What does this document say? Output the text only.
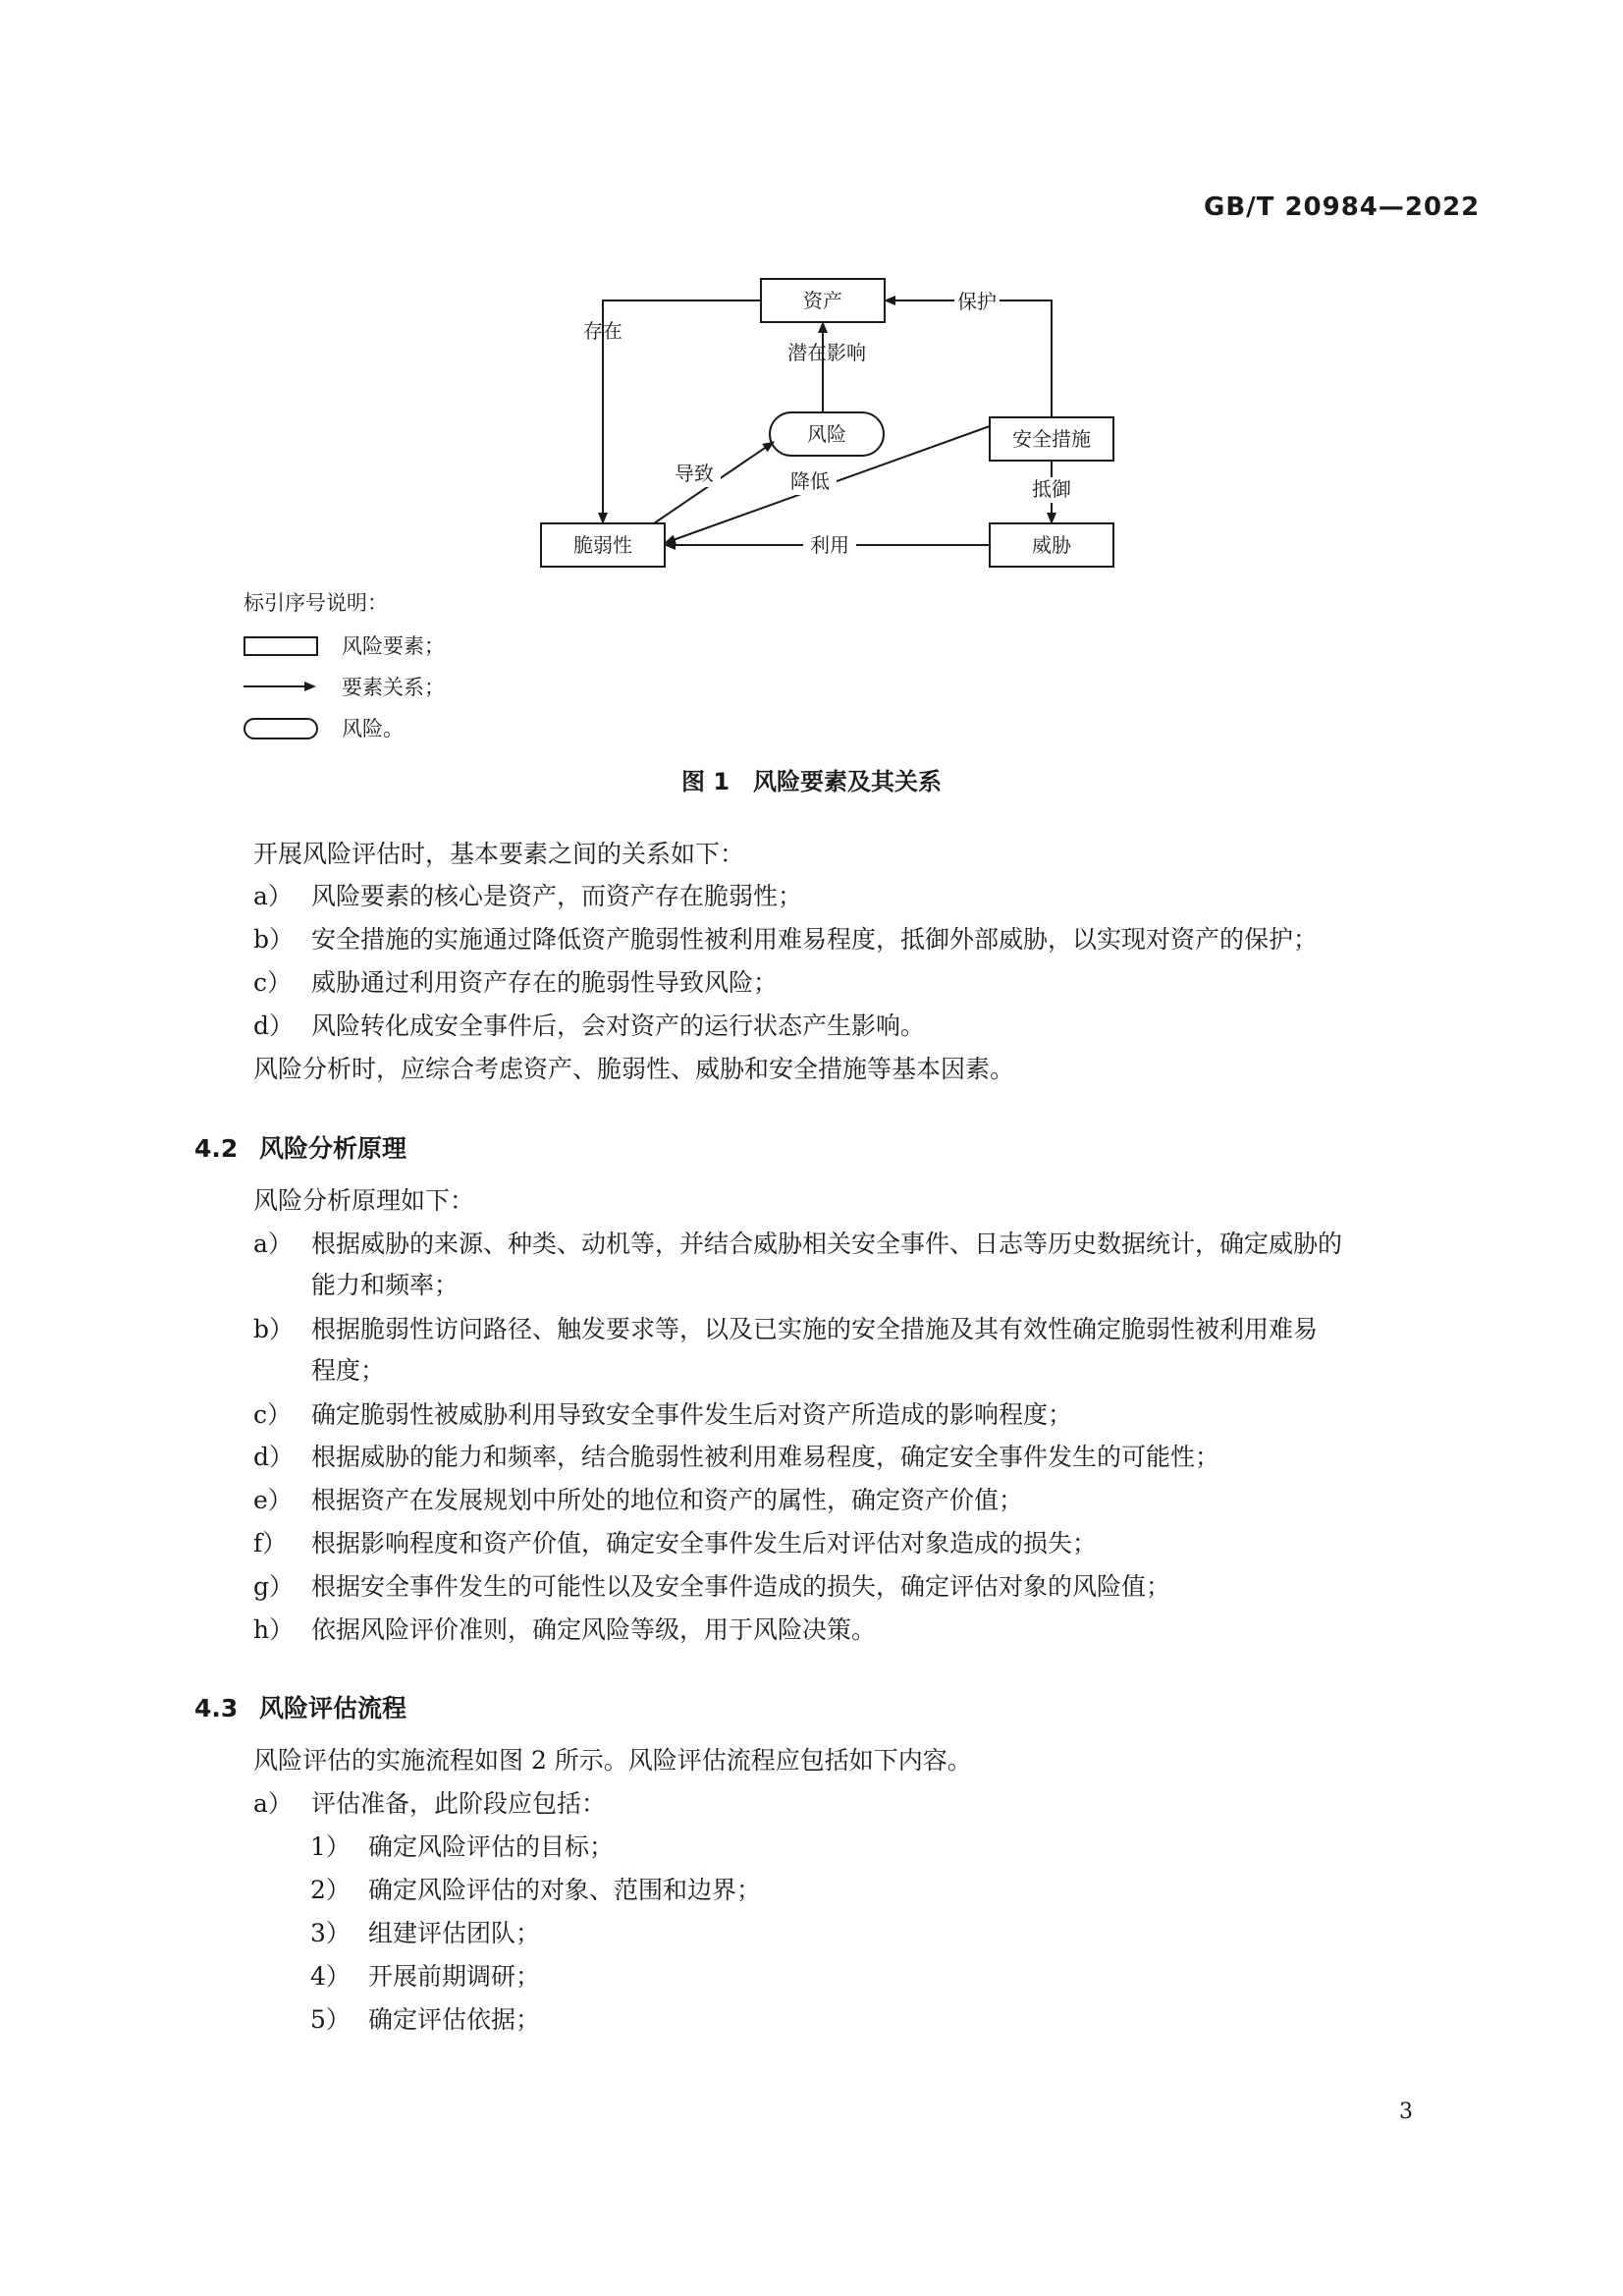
GB/T 20984—2022
资产
风险	安全措施
脆弱性	威胁
存在
保护
潜在影响
导致	降低	抵御
利用
标引序号说明：
风险要素；
要素关系；
风险。
图 1　风险要素及其关系
开展风险评估时，基本要素之间的关系如下：
a） 风险要素的核心是资产，而资产存在脆弱性；
b） 安全措施的实施通过降低资产脆弱性被利用难易程度，抵御外部威胁，以实现对资产的保护；
c） 威胁通过利用资产存在的脆弱性导致风险；
d） 风险转化成安全事件后，会对资产的运行状态产生影响。
风险分析时，应综合考虑资产、脆弱性、威胁和安全措施等基本因素。
4.2 风险分析原理
风险分析原理如下：
a） 根据威胁的来源、种类、动机等，并结合威胁相关安全事件、日志等历史数据统计，确定威胁的
能力和频率；
b） 根据脆弱性访问路径、触发要求等，以及已实施的安全措施及其有效性确定脆弱性被利用难易
程度；
c） 确定脆弱性被威胁利用导致安全事件发生后对资产所造成的影响程度；
d） 根据威胁的能力和频率，结合脆弱性被利用难易程度，确定安全事件发生的可能性；
e） 根据资产在发展规划中所处的地位和资产的属性，确定资产价值；
f） 根据影响程度和资产价值，确定安全事件发生后对评估对象造成的损失；
g） 根据安全事件发生的可能性以及安全事件造成的损失，确定评估对象的风险值；
h） 依据风险评价准则，确定风险等级，用于风险决策。
4.3 风险评估流程
风险评估的实施流程如图 2 所示。风险评估流程应包括如下内容。
a） 评估准备，此阶段应包括：
1） 确定风险评估的目标；
2） 确定风险评估的对象、范围和边界；
3） 组建评估团队；
4） 开展前期调研；
5） 确定评估依据；
3
